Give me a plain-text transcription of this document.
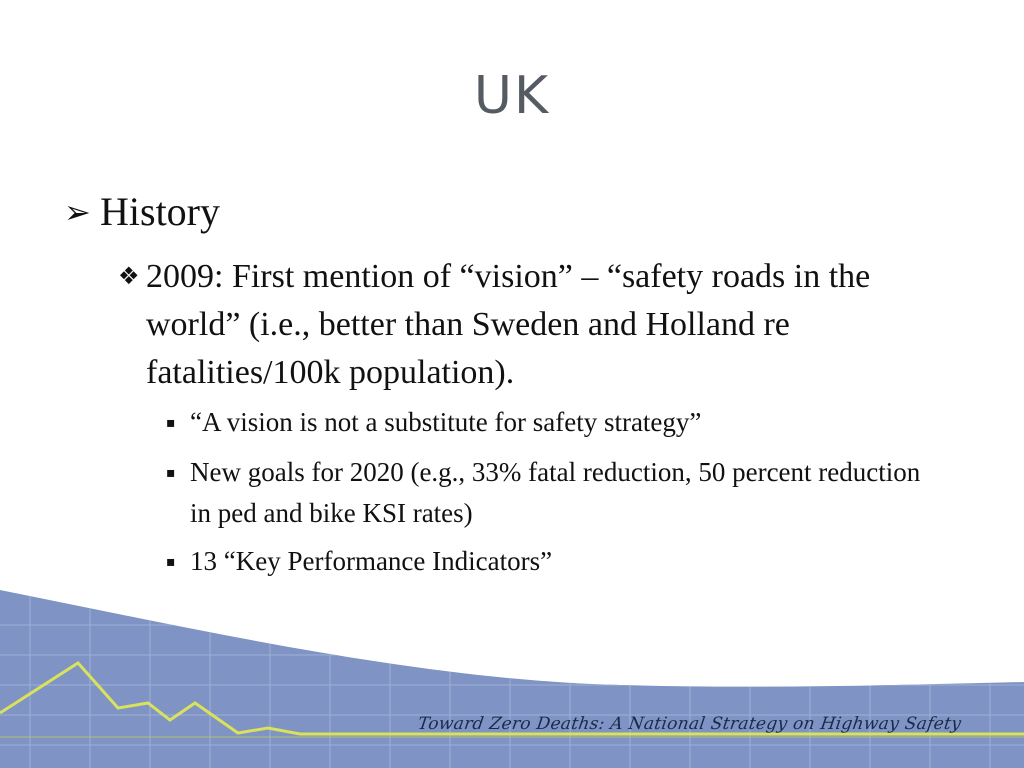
UK
➢ History
❖ 2009: First mention of “vision” – “safety roads in the world” (i.e., better than Sweden and Holland re fatalities/100k population).
▪ “A vision is not a substitute for safety strategy”
▪ New goals for 2020 (e.g., 33% fatal reduction, 50 percent reduction in ped and bike KSI rates)
▪ 13 “Key Performance Indicators”
Toward Zero Deaths: A National Strategy on Highway Safety
